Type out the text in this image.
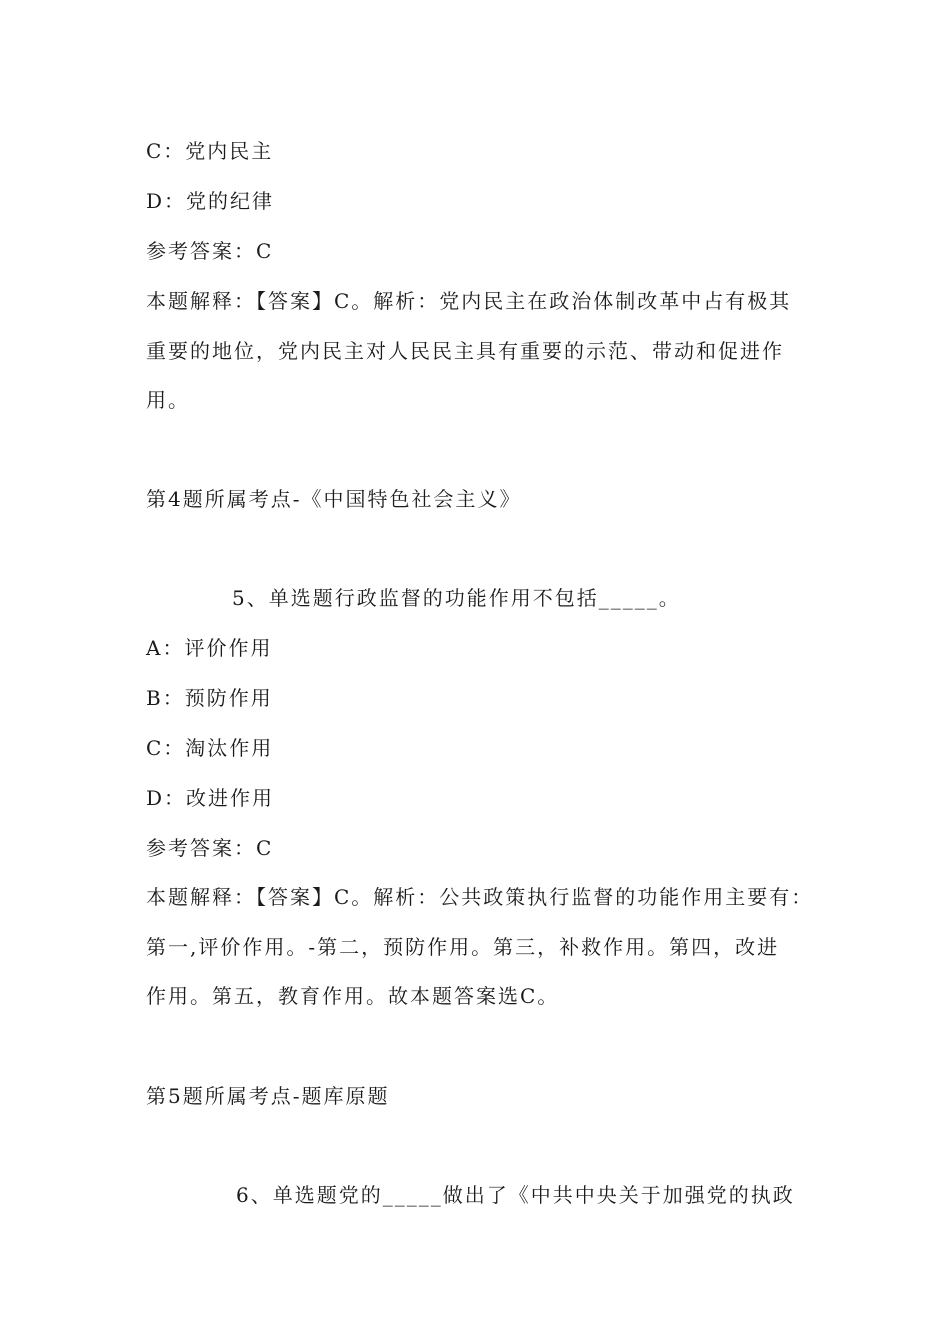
C：党内民主
D：党的纪律
参考答案：C
本题解释：【答案】C。解析：党内民主在政治体制改革中占有极其
重要的地位，党内民主对人民民主具有重要的示范、带动和促进作
用。
第4题所属考点-《中国特色社会主义》
5、单选题行政监督的功能作用不包括_____。
A：评价作用
B：预防作用
C：淘汰作用
D：改进作用
参考答案：C
本题解释：【答案】C。解析：公共政策执行监督的功能作用主要有：
第一,评价作用。-第二，预防作用。第三，补救作用。第四，改进
作用。第五，教育作用。故本题答案选C。
第5题所属考点-题库原题
6、单选题党的_____做出了《中共中央关于加强党的执政
